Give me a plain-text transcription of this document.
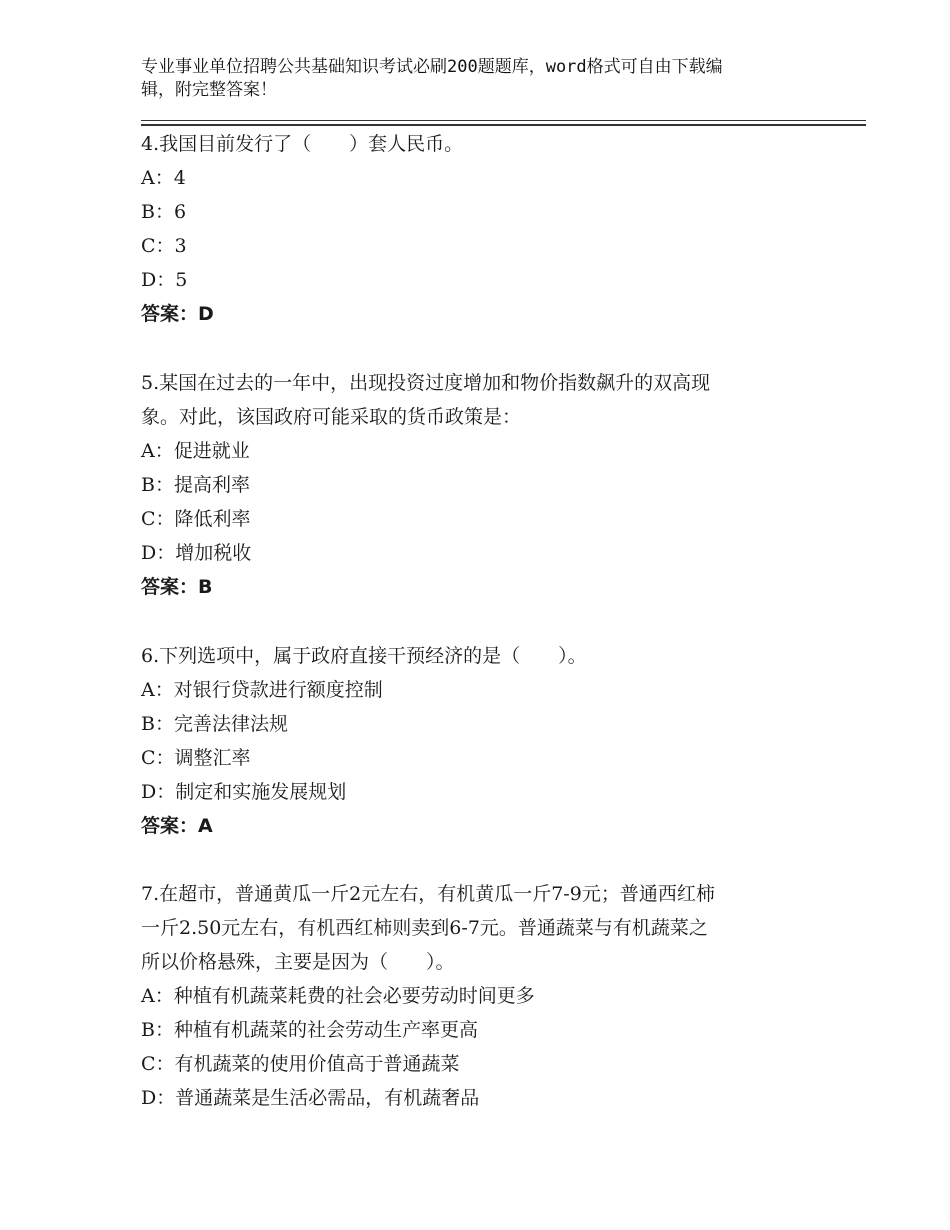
专业事业单位招聘公共基础知识考试必刷200题题库，word格式可自由下载编
辑，附完整答案！
4.我国目前发行了（　　）套人民币。
A：4
B：6
C：3
D：5
答案：D
5.某国在过去的一年中，出现投资过度增加和物价指数飙升的双高现
象。对此，该国政府可能采取的货币政策是：
A：促进就业
B：提高利率
C：降低利率
D：增加税收
答案：B
6.下列选项中，属于政府直接干预经济的是（　　）。
A：对银行贷款进行额度控制
B：完善法律法规
C：调整汇率
D：制定和实施发展规划
答案：A
7.在超市，普通黄瓜一斤2元左右，有机黄瓜一斤7-9元；普通西红柿
一斤2.50元左右，有机西红柿则卖到6-7元。普通蔬菜与有机蔬菜之
所以价格悬殊，主要是因为（　　）。
A：种植有机蔬菜耗费的社会必要劳动时间更多
B：种植有机蔬菜的社会劳动生产率更高
C：有机蔬菜的使用价值高于普通蔬菜
D：普通蔬菜是生活必需品，有机蔬奢品
